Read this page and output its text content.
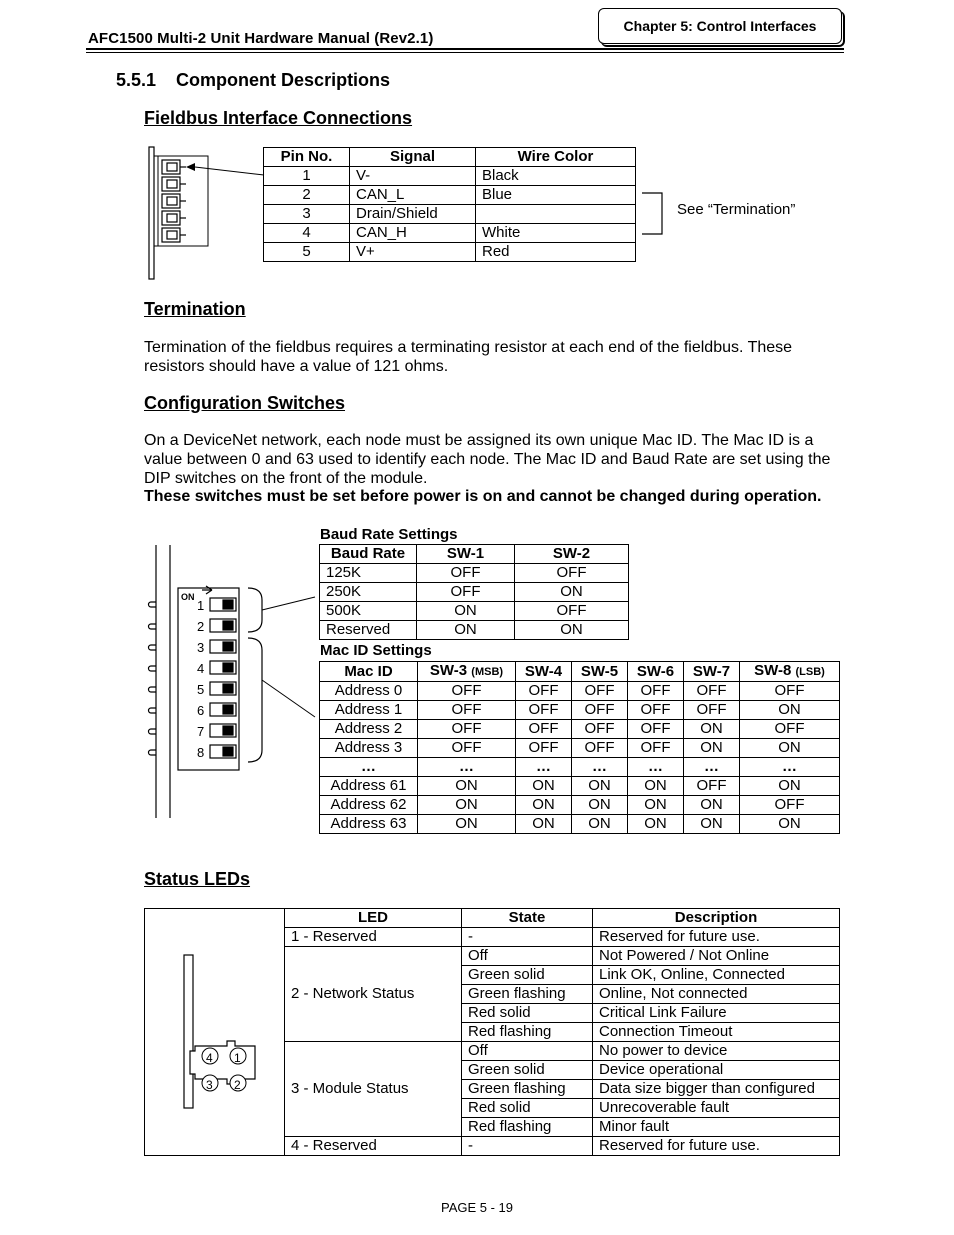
AFC1500 Multi-2 Unit Hardware Manual (Rev2.1)
Chapter 5: Control Interfaces
5.5.1 Component Descriptions
Fieldbus Interface Connections
Pin No.	Signal	Wire Color
1	V-	Black
2	CAN_L	Blue
3	Drain/Shield	
4	CAN_H	White
5	V+	Red
See “Termination”
Termination
Termination of the fieldbus requires a terminating resistor at each end of the fieldbus. These resistors should have a value of 121 ohms.
Configuration Switches
On a DeviceNet network, each node must be assigned its own unique Mac ID. The Mac ID is a
value between 0 and 63 used to identify each node. The Mac ID and Baud Rate are set using the
DIP switches on the front of the module.
These switches must be set before power is on and cannot be changed during operation.
ON
1
2
3
4
5
6
7
8
Baud Rate Settings
Baud Rate	SW-1	SW-2
125K	OFF	OFF
250K	OFF	ON
500K	ON	OFF
Reserved	ON	ON
Mac ID Settings
Mac ID	SW-3 (MSB)	SW-4	SW-5	SW-6	SW-7	SW-8 (LSB)
Address 0	OFF	OFF	OFF	OFF	OFF	OFF
Address 1	OFF	OFF	OFF	OFF	OFF	ON
Address 2	OFF	OFF	OFF	OFF	ON	OFF
Address 3	OFF	OFF	OFF	OFF	ON	ON
…	…	…	…	…	…	…
Address 61	ON	ON	ON	ON	OFF	ON
Address 62	ON	ON	ON	ON	ON	OFF
Address 63	ON	ON	ON	ON	ON	ON
Status LEDs
4 1
3 2	LED	State	Description
	1 - Reserved	-	Reserved for future use.
	2 - Network Status	Off	Not Powered / Not Online
		Green solid	Link OK, Online, Connected
		Green flashing	Online, Not connected
		Red solid	Critical Link Failure
		Red flashing	Connection Timeout
	3 - Module Status	Off	No power to device
		Green solid	Device operational
		Green flashing	Data size bigger than configured
		Red solid	Unrecoverable fault
		Red flashing	Minor fault
	4 - Reserved	-	Reserved for future use.
PAGE 5 - 19
